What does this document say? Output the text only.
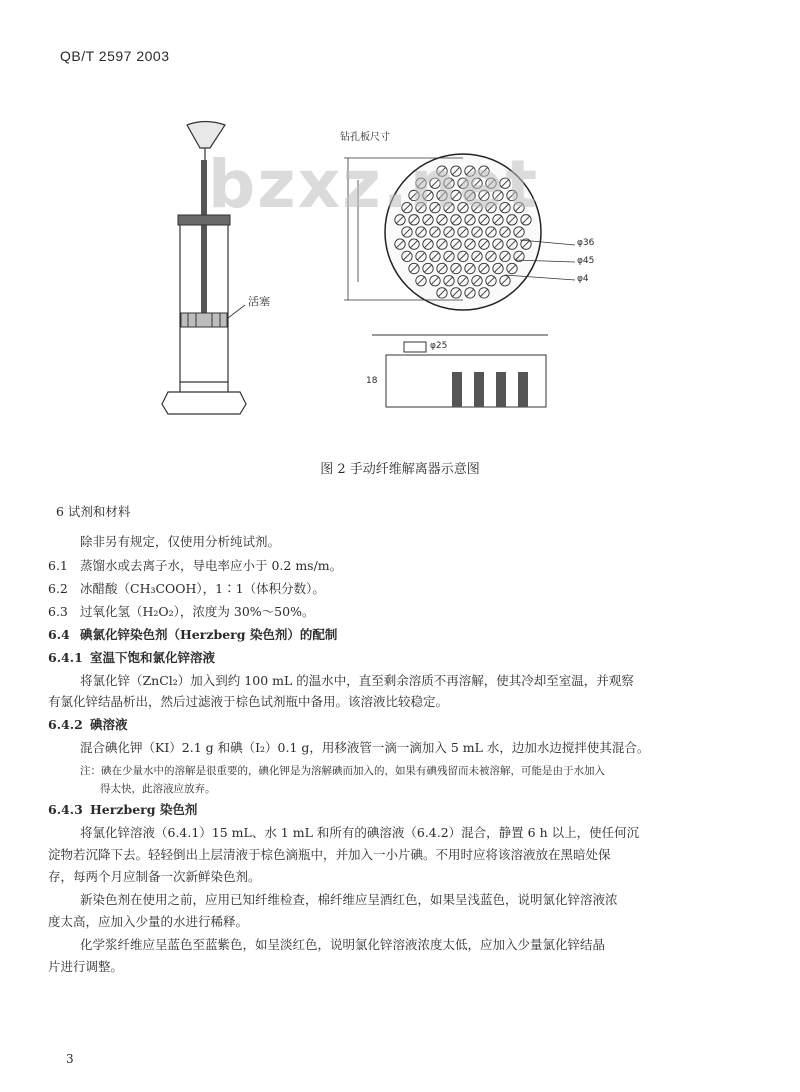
QB/T 2597 2003
活塞
钻孔板尺寸
φ36
φ45
φ4
φ25
18
bzxz.net
图 2 手动纤维解离器示意图
6 试剂和材料
除非另有规定，仅使用分析纯试剂。
6.1 蒸馏水或去离子水，导电率应小于 0.2 ms/m。
6.2 冰醋酸（CH₃COOH），1∶1（体积分数）。
6.3 过氧化氢（H₂O₂），浓度为 30%～50%。
6.4 碘氯化锌染色剂（Herzberg 染色剂）的配制
6.4.1 室温下饱和氯化锌溶液
将氯化锌（ZnCl₂）加入到约 100 mL 的温水中，直至剩余溶质不再溶解，使其冷却至室温，并观察
有氯化锌结晶析出，然后过滤液于棕色试剂瓶中备用。该溶液比较稳定。
6.4.2 碘溶液
混合碘化钾（KI）2.1 g 和碘（I₂）0.1 g，用移液管一滴一滴加入 5 mL 水，边加水边搅拌使其混合。
注：碘在少量水中的溶解是很重要的，碘化钾是为溶解碘而加入的，如果有碘残留而未被溶解，可能是由于水加入
得太快，此溶液应放弃。
6.4.3 Herzberg 染色剂
将氯化锌溶液（6.4.1）15 mL、水 1 mL 和所有的碘溶液（6.4.2）混合，静置 6 h 以上，使任何沉
淀物若沉降下去。轻轻倒出上层清液于棕色滴瓶中，并加入一小片碘。不用时应将该溶液放在黑暗处保
存，每两个月应制备一次新鲜染色剂。
新染色剂在使用之前，应用已知纤维检查，棉纤维应呈酒红色，如果呈浅蓝色，说明氯化锌溶液浓
度太高，应加入少量的水进行稀释。
化学浆纤维应呈蓝色至蓝紫色，如呈淡红色，说明氯化锌溶液浓度太低，应加入少量氯化锌结晶
片进行调整。
3
